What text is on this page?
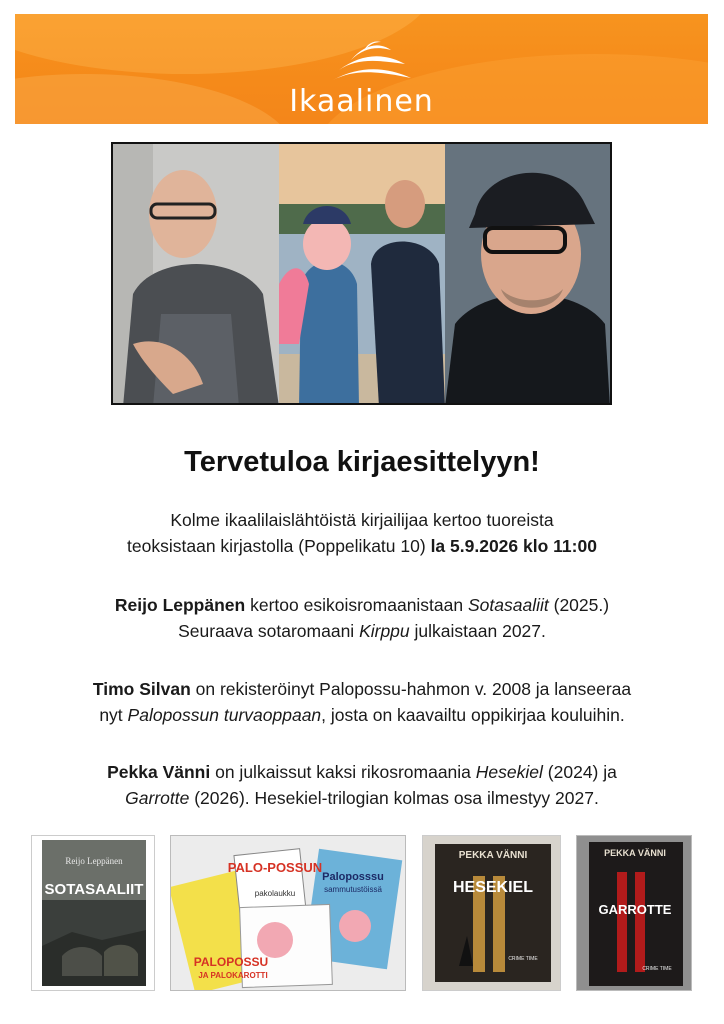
Ikaalinen
Tervetuloa kirjaesittelyyn!
Kolme ikaalilaislähtöistä kirjailijaa kertoo tuoreista
teoksistaan kirjastolla (Poppelikatu 10) la 5.9.2026 klo 11:00
Reijo Leppänen kertoo esikoisromaanistaan Sotasaaliit (2025.)
Seuraava sotaromaani Kirppu julkaistaan 2027.
Timo Silvan on rekisteröinyt Palopossu-hahmon v. 2008 ja lanseeraa
nyt Palopossun turvaoppaan, josta on kaavailtu oppikirjaa kouluihin.
Pekka Vänni on julkaissut kaksi rikosromaania Hesekiel (2024) ja
Garrotte (2026). Hesekiel-trilogian kolmas osa ilmestyy 2027.
Reijo Leppänen
SOTASAALIIT
PALO-POSSUN
pakolaukku
Paloposssu
sammutustöissä
PALOPOSSU
JA PALOKAROTTI
PEKKA VÄNNI
HESEKIEL
CRIME TIME
PEKKA VÄNNI
GARROTTE
CRIME TIME
